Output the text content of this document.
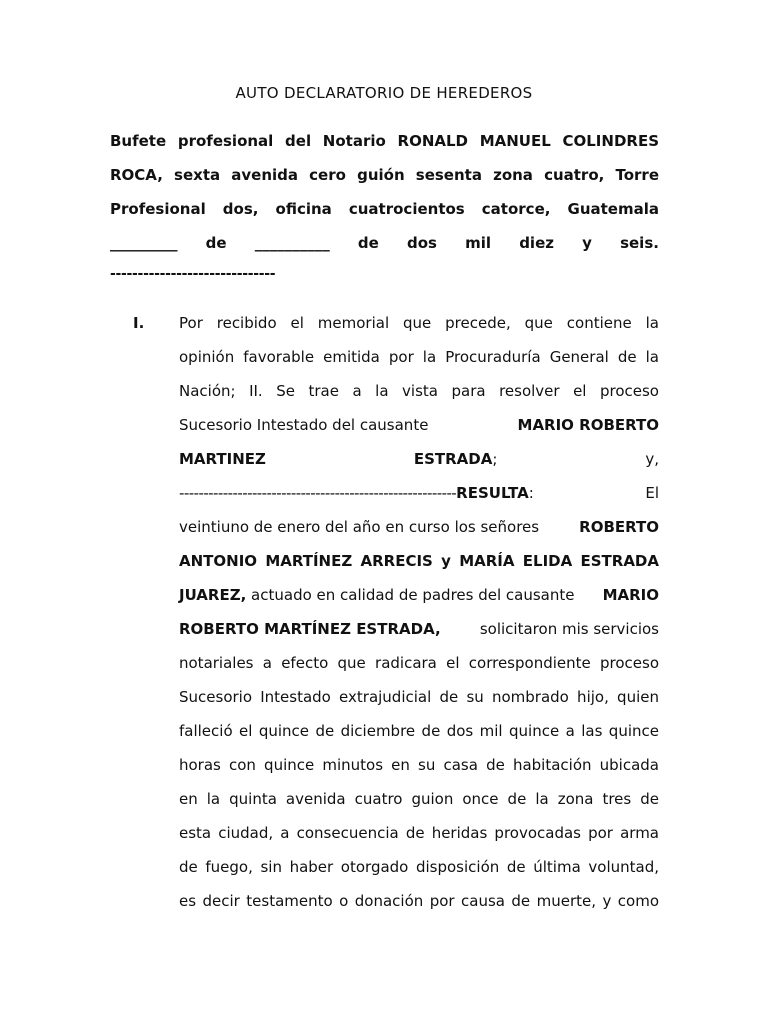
AUTO DECLARATORIO DE HEREDEROS
Bufete profesional del Notario RONALD MANUEL COLINDRES
ROCA, sexta avenida cero guión sesenta zona cuatro, Torre
Profesional dos, oficina cuatrocientos catorce, Guatemala
_________ de __________ de dos mil diez y seis.
------------------------------
I. Por recibido el memorial que precede, que contiene la
opinión favorable emitida por la Procuraduría General de la
Nación; II. Se trae a la vista para resolver el proceso
Sucesorio Intestado del causante	MARIO ROBERTO
MARTINEZ	ESTRADA;	y,
---------------------------------------------------------RESULTA:	El
veintiuno de enero del año en curso los señores	ROBERTO
ANTONIO MARTÍNEZ ARRECIS y MARÍA ELIDA ESTRADA
JUAREZ, actuado en calidad de padres del causante MARIO
ROBERTO MARTÍNEZ ESTRADA,	solicitaron mis servicios
notariales a efecto que radicara el correspondiente proceso
Sucesorio Intestado extrajudicial de su nombrado hijo, quien
falleció el quince de diciembre de dos mil quince a las quince
horas con quince minutos en su casa de habitación ubicada
en la quinta avenida cuatro guion once de la zona tres de
esta ciudad, a consecuencia de heridas provocadas por arma
de fuego, sin haber otorgado disposición de última voluntad,
es decir testamento o donación por causa de muerte, y como
